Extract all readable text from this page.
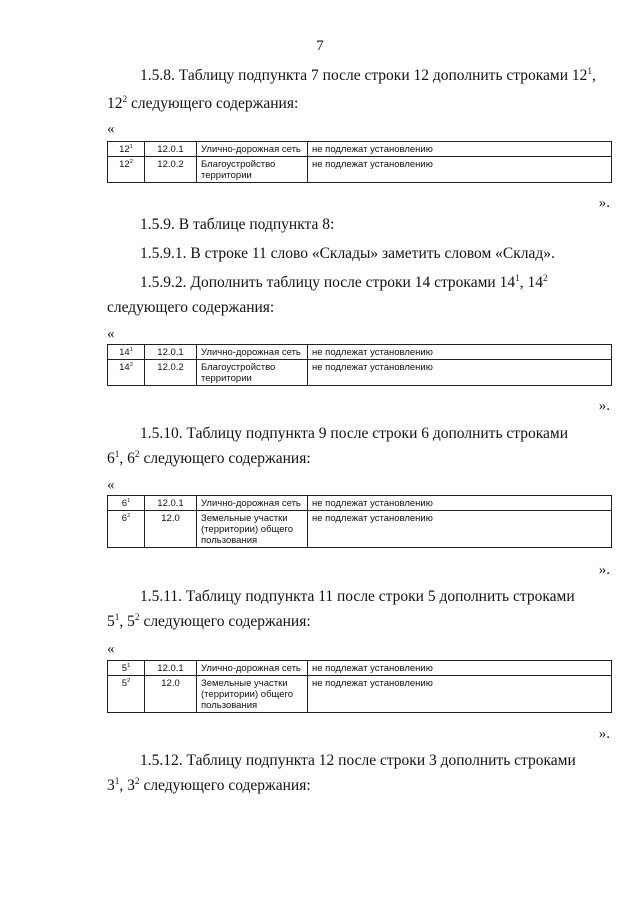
7
1.5.8. Таблицу подпункта 7 после строки 12 дополнить строками $12^1$,
$12^2$ следующего содержания:
«
$12^1$	12.0.1	Улично-дорожная сеть	не подлежат установлению
$12^2$	12.0.2	Благоустройство территории	не подлежат установлению
».
1.5.9. В таблице подпункта 8:
1.5.9.1. В строке 11 слово «Склады» заметить словом «Склад».
1.5.9.2. Дополнить таблицу после строки 14 строками $14^1$, $14^2$
следующего содержания:
«
$14^1$	12.0.1	Улично-дорожная сеть	не подлежат установлению
$14^2$	12.0.2	Благоустройство территории	не подлежат установлению
».
1.5.10. Таблицу подпункта 9 после строки 6 дополнить строками
$6^1$, $6^2$ следующего содержания:
«
$6^1$	12.0.1	Улично-дорожная сеть	не подлежат установлению
$6^2$	12.0	Земельные участки (территории) общего пользования	не подлежат установлению
».
1.5.11. Таблицу подпункта 11 после строки 5 дополнить строками
$5^1$, $5^2$ следующего содержания:
«
$5^1$	12.0.1	Улично-дорожная сеть	не подлежат установлению
$5^2$	12.0	Земельные участки (территории) общего пользования	не подлежат установлению
».
1.5.12. Таблицу подпункта 12 после строки 3 дополнить строками
$3^1$, $3^2$ следующего содержания:
